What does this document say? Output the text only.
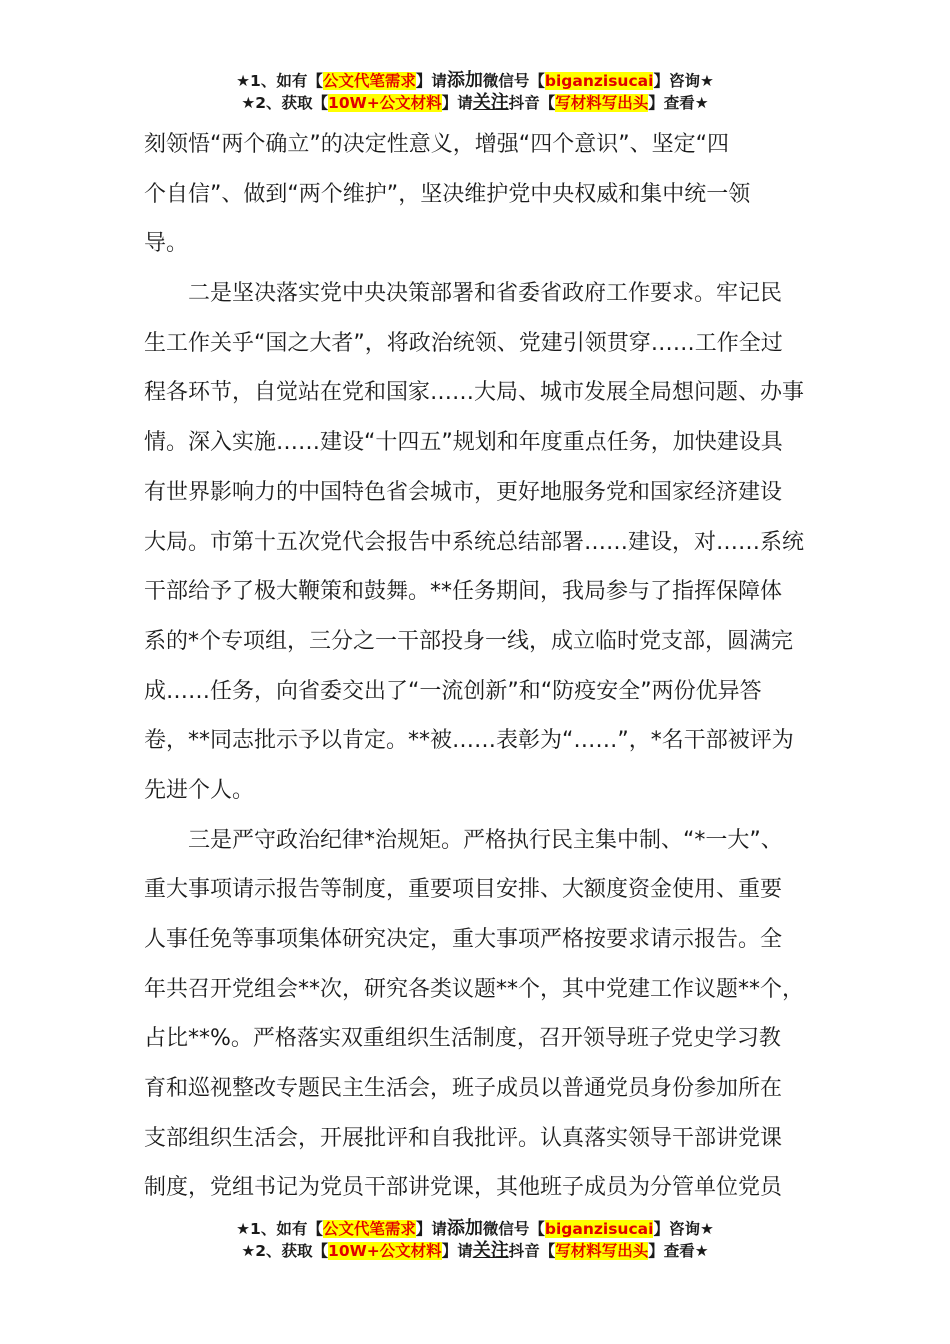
★1、如有【公文代笔需求】请添加微信号【biganzisucai】咨询★
★2、获取【10W+公文材料】请关注抖音【写材料写出头】查看★
刻领悟“两个确立”的决定性意义，增强“四个意识”、坚定“四
个自信”、做到“两个维护”，坚决维护党中央权威和集中统一领
导。
二是坚决落实党中央决策部署和省委省政府工作要求。牢记民
生工作关乎“国之大者”，将政治统领、党建引领贯穿……工作全过
程各环节，自觉站在党和国家……大局、城市发展全局想问题、办事
情。深入实施……建设“十四五”规划和年度重点任务，加快建设具
有世界影响力的中国特色省会城市，更好地服务党和国家经济建设
大局。市第十五次党代会报告中系统总结部署……建设，对……系统
干部给予了极大鞭策和鼓舞。**任务期间，我局参与了指挥保障体
系的*个专项组，三分之一干部投身一线，成立临时党支部，圆满完
成……任务，向省委交出了“一流创新”和“防疫安全”两份优异答
卷，**同志批示予以肯定。**被……表彰为“……”，*名干部被评为
先进个人。
三是严守政治纪律*治规矩。严格执行民主集中制、“*一大”、
重大事项请示报告等制度，重要项目安排、大额度资金使用、重要
人事任免等事项集体研究决定，重大事项严格按要求请示报告。全
年共召开党组会**次，研究各类议题**个，其中党建工作议题**个，
占比**%。严格落实双重组织生活制度，召开领导班子党史学习教
育和巡视整改专题民主生活会，班子成员以普通党员身份参加所在
支部组织生活会，开展批评和自我批评。认真落实领导干部讲党课
制度，党组书记为党员干部讲党课，其他班子成员为分管单位党员
★1、如有【公文代笔需求】请添加微信号【biganzisucai】咨询★
★2、获取【10W+公文材料】请关注抖音【写材料写出头】查看★
